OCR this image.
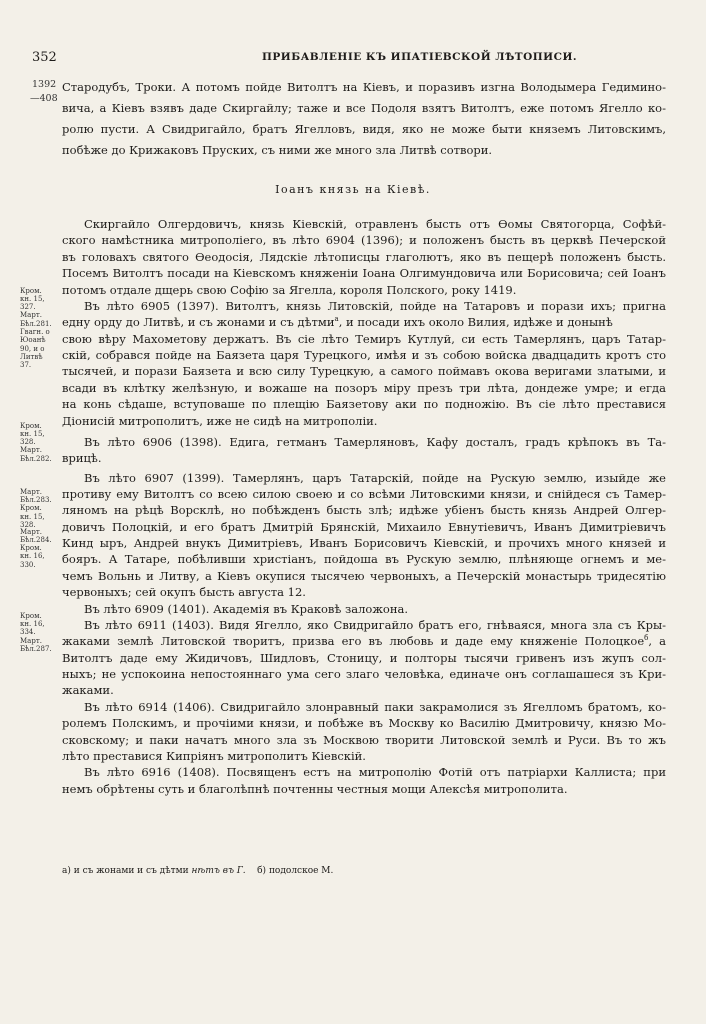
352	ПРИБАВЛЕНІЕ КЪ ИПАТІЕВСКОЙ ЛѢТОПИСИ.
1392
—408
Кром.
кн. 15,
327.
Март.
Бѣл.281.
Гвагн. о
Юоанѣ
90, и о
Литвѣ
37.
Кром.
кн. 15,
328.
Март.
Бѣл.282.
Март.
Бѣл.283.
Кром.
кн. 15,
328.
Март.
Бѣл.284.
Кром.
кн. 16,
330.
Кром.
кн. 16,
334.
Март.
Бѣл.287.
Стародубъ, Троки. А потомъ пойде Витолтъ на Кіевъ, и поразивъ изгна Володымера Гедимино-
вича, а Кіевъ взявъ даде Скиргайлу; таже и все Подоля взятъ Витолтъ, еже потомъ Ягелло ко-
ролю пусти. А Свидригайло, братъ Ягелловъ, видя, яко не може быти княземъ Литовскимъ,
побѣже до Крижаковъ Пруских, съ ними же много зла Литвѣ сотвори.
Іоанъ князь на Кіевѣ.
Скиргайло Олгердовичъ, князь Кіевскій, отравленъ бысть отъ Ѳомы Святогорца, Софѣй-
ского намѣстника митрополіего, въ лѣто 6904 (1396); и положенъ бысть въ церквѣ Печерской
въ головахъ святого Ѳеодосія, Лядскіе лѣтописцы глаголютъ, яко въ пещерѣ положенъ бысть.
Посемъ Витолтъ посади на Кіевскомъ княженіи Іоана Олгимундовича или Борисовича; сей Іоанъ
потомъ отдале дщерь свою Софію за Ягелла, короля Полского, року 1419.
Въ лѣто 6905 (1397). Витолтъ, князь Литовскій, пойде на Татаровъ и порази ихъ; пригна
едну орду до Литвѣ, и съ жонами и съ дѣтми$^а$, и посади ихъ около Вилия, идѣже и донынѣ
свою вѣру Махометову держатъ. Въ сіе лѣто Темиръ Кутлуй, си есть Тамерлянъ, царъ Татар-
скій, собрався пойде на Баязета царя Турецкого, имѣя и зъ собою войска двадцадить кротъ сто
тысячей, и порази Баязета и всю силу Турецкую, а самого поймавъ окова веригами златыми, и
всади въ клѣтку желѣзную, и вожаше на позоръ міру презъ три лѣта, дондеже умре; и егда
на конь сѣдаше, вступоваше по плещію Баязетову аки по подножію. Въ сіе лѣто преставися
Діонисій митрополитъ, иже не сидѣ на митрополіи.
Въ лѣто 6906 (1398). Едига, гетманъ Тамерляновъ, Кафу досталъ, градъ крѣпокъ въ Та-
врицѣ.
Въ лѣто 6907 (1399). Тамерлянъ, царъ Татарскій, пойде на Рускую землю, изыйде же
противу ему Витолтъ со всею силою своею и со всѣми Литовскими князи, и снійдеся съ Тамер-
ляномъ на рѣцѣ Ворсклѣ, но побѣжденъ бысть злѣ; идѣже убіенъ бысть князь Андрей Олгер-
довичъ Полоцкій, и его братъ Дмитрій Брянскій, Михаило Евнутіевичъ, Иванъ Димитріевичъ
Кинд ыръ, Андрей внукъ Димитріевъ, Иванъ Борисовичъ Кіевскій, и прочихъ много князей и
бояръ. А Татаре, побѣливши христіанъ, пойдоша въ Рускую землю, плѣняюще огнемъ и ме-
чемъ Вольнь и Литву, а Кіевъ окупися тысячею червоныхъ, а Печерскій монастырь тридесятію
червоныхъ; сей окупъ бысть августа 12.
Въ лѣто 6909 (1401). Академія въ Краковѣ заложона.
Въ лѣто 6911 (1403). Видя Ягелло, яко Свидригайло братъ его, гнѣваяся, многа зла съ Кры-
жаками землѣ Литовской творитъ, призва его въ любовь и даде ему княженіе Полоцкое$^б$, а
Витолтъ даде ему Жидичовъ, Шидловъ, Стоницу, и полторы тысячи гривенъ изъ жупъ сол-
ныхъ; не успокоина непостояннаго ума сего злаго человѣка, единаче онъ соглашашеся зъ Кри-
жаками.
Въ лѣто 6914 (1406). Свидригайло злонравный паки закрамолися зъ Ягелломъ братомъ, ко-
ролемъ Полскимъ, и прочіими князи, и побѣже въ Москву ко Василію Дмитровичу, князю Мо-
сковскому; и паки начатъ много зла зъ Москвою творити Литовской землѣ и Руси. Въ то жъ
лѣто преставися Кипріянъ митрополитъ Кіевскій.
Въ лѣто 6916 (1408). Посвященъ естъ на митрополію Фотій отъ патріархи Каллиста; при
немъ обрѣтены суть и благолѣпнѣ почтенны честныя мощи Алексѣя митрополита.
а) и съ жонами и съ дѣтми нѣтъ въ Г. б) подолское М.
